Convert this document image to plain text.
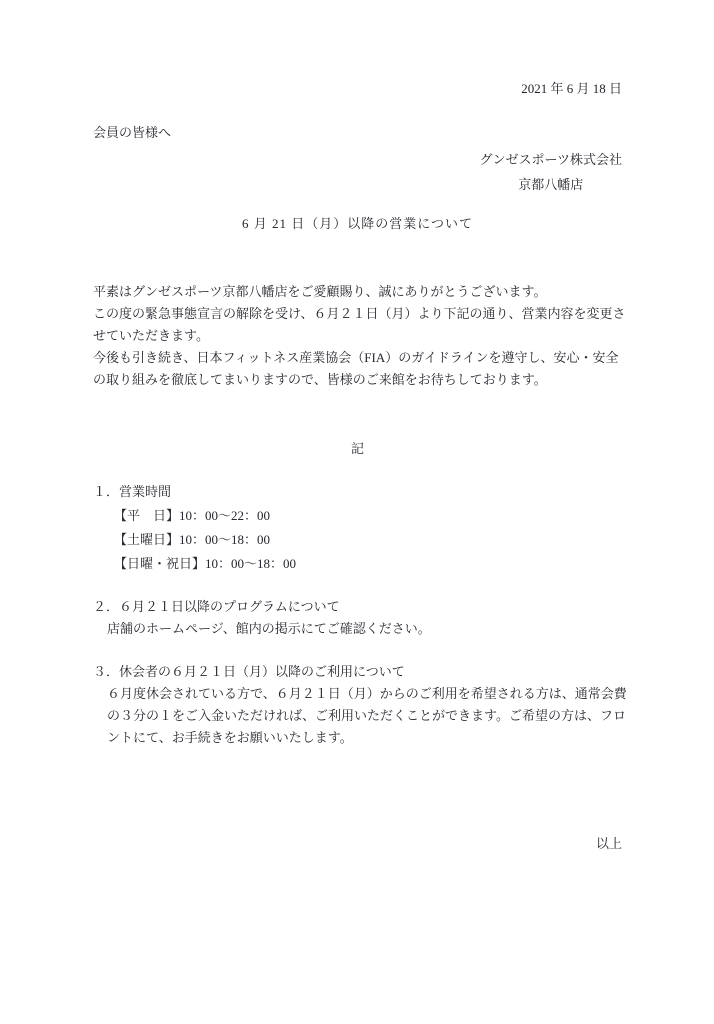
2021 年 6 月 18 日
会員の皆様へ
グンゼスポーツ株式会社
京都八幡店
6 月 21 日（月）以降の営業について
平素はグンゼスポーツ京都八幡店をご愛顧賜り、誠にありがとうございます。
この度の緊急事態宣言の解除を受け、６月２１日（月）より下記の通り、営業内容を変更さ
せていただきます。
今後も引き続き、日本フィットネス産業協会（FIA）のガイドラインを遵守し、安心・安全
の取り組みを徹底してまいりますので、皆様のご来館をお待ちしております。
記
１．営業時間
【平　日】10：00～22：00
【土曜日】10：00～18：00
【日曜・祝日】10：00～18：00
２．６月２１日以降のプログラムについて
店舗のホームページ、館内の掲示にてご確認ください。
３．休会者の６月２１日（月）以降のご利用について
６月度休会されている方で、６月２１日（月）からのご利用を希望される方は、通常会費
の３分の１をご入金いただければ、ご利用いただくことができます。ご希望の方は、フロ
ントにて、お手続きをお願いいたします。
以上
